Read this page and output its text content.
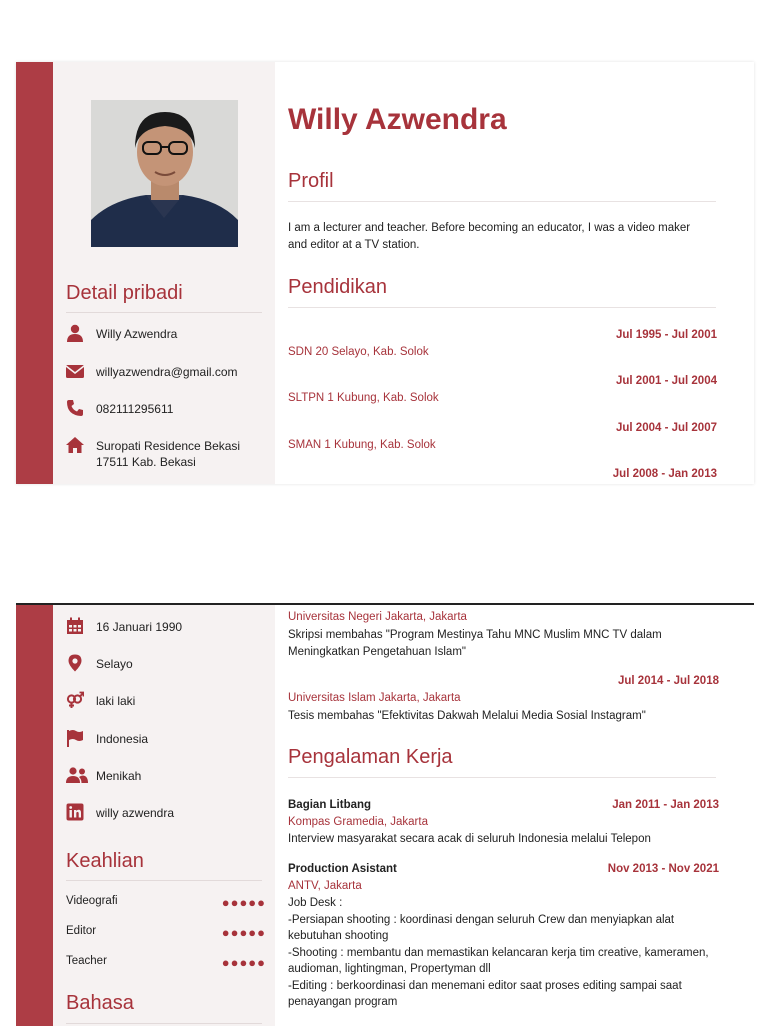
Detail pribadi
Willy Azwendra
willyazwendra@gmail.com
082111295611
Suropati Residence Bekasi
17511 Kab. Bekasi
Willy Azwendra
Profil
I am a lecturer and teacher. Before becoming an educator, I was a video maker and editor at a TV station.
Pendidikan
Jul 1995 - Jul 2001
SDN 20 Selayo, Kab. Solok
Jul 2001 - Jul 2004
SLTPN 1 Kubung, Kab. Solok
Jul 2004 - Jul 2007
SMAN 1 Kubung, Kab. Solok
Jul 2008 - Jan 2013
16 Januari 1990
Selayo
laki laki
Indonesia
Menikah
willy azwendra
Keahlian
Videografi	●●●●●
Editor	●●●●●
Teacher	●●●●●
Bahasa
Universitas Negeri Jakarta, Jakarta
Skripsi membahas "Program Mestinya Tahu MNC Muslim MNC TV dalam Meningkatkan Pengetahuan Islam"
Jul 2014 - Jul 2018
Universitas Islam Jakarta, Jakarta
Tesis membahas "Efektivitas Dakwah Melalui Media Sosial Instagram"
Pengalaman Kerja
Bagian Litbang	Jan 2011 - Jan 2013
Kompas Gramedia, Jakarta
Interview masyarakat secara acak di seluruh Indonesia melalui Telepon
Production Asistant	Nov 2013 - Nov 2021
ANTV, Jakarta
Job Desk :
-Persiapan shooting : koordinasi dengan seluruh Crew dan menyiapkan alat kebutuhan shooting
-Shooting : membantu dan memastikan kelancaran kerja tim creative, kameramen, audioman, lightingman, Propertyman dll
-Editing : berkoordinasi dan menemani editor saat proses editing sampai saat penayangan program
